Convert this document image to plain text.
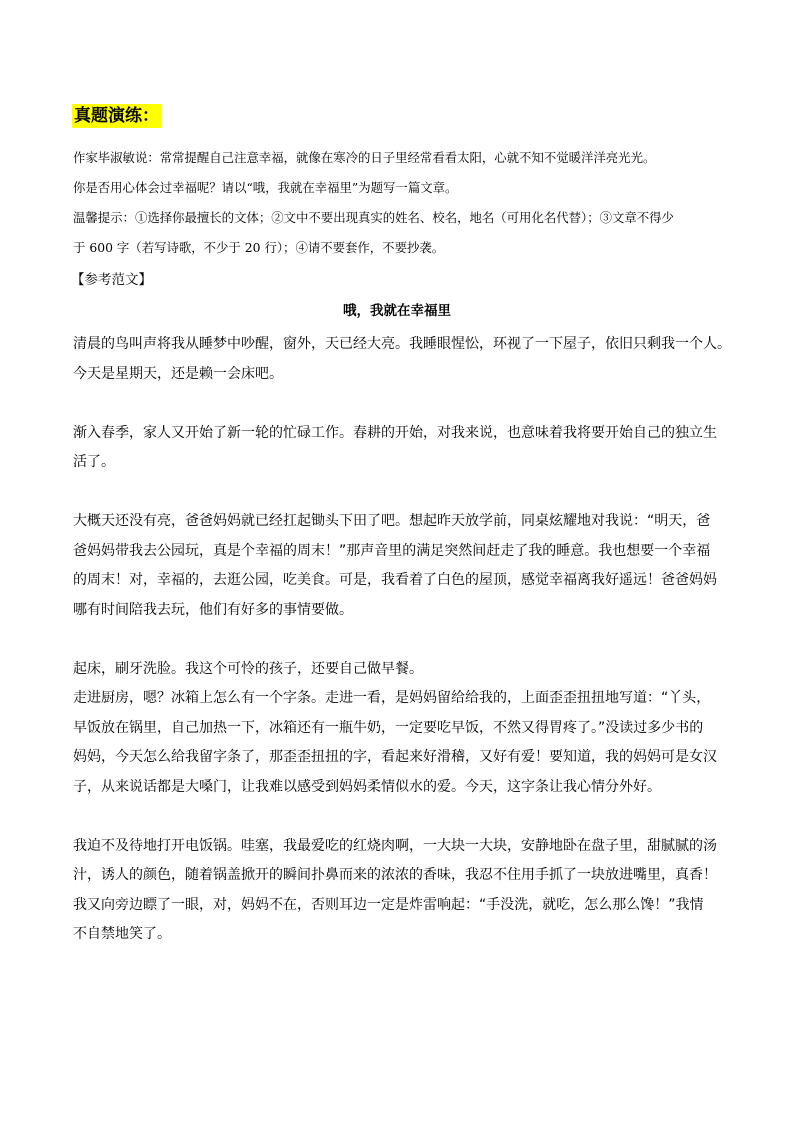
真题演练：

作家毕淑敏说：常常提醒自己注意幸福，就像在寒冷的日子里经常看看太阳，心就不知不觉暖洋洋亮光光。

你是否用心体会过幸福呢？请以“哦，我就在幸福里”为题写一篇文章。

温馨提示：①选择你最擅长的文体；②文中不要出现真实的姓名、校名，地名（可用化名代替）；③文章不得少

于 600 字（若写诗歌，不少于 20 行）；④请不要套作，不要抄袭。

【参考范文】
哦，我就在幸福里

清晨的鸟叫声将我从睡梦中吵醒，窗外，天已经大亮。我睡眼惺忪，环视了一下屋子，依旧只剩我一个人。

今天是星期天，还是赖一会床吧。

渐入春季，家人又开始了新一轮的忙碌工作。春耕的开始，对我来说，也意味着我将要开始自己的独立生

活了。

大概天还没有亮，爸爸妈妈就已经扛起锄头下田了吧。想起昨天放学前，同桌炫耀地对我说：“明天，爸

爸妈妈带我去公园玩，真是个幸福的周末！”那声音里的满足突然间赶走了我的睡意。我也想要一个幸福

的周末！对，幸福的，去逛公园，吃美食。可是，我看着了白色的屋顶，感觉幸福离我好遥远！爸爸妈妈

哪有时间陪我去玩，他们有好多的事情要做。

起床，刷牙洗脸。我这个可怜的孩子，还要自己做早餐。

走进厨房，嗯？冰箱上怎么有一个字条。走进一看，是妈妈留给给我的，上面歪歪扭扭地写道：“丫头，

早饭放在锅里，自己加热一下，冰箱还有一瓶牛奶，一定要吃早饭，不然又得胃疼了。”没读过多少书的

妈妈，今天怎么给我留字条了，那歪歪扭扭的字，看起来好滑稽，又好有爱！要知道，我的妈妈可是女汉

子，从来说话都是大嗓门，让我难以感受到妈妈柔情似水的爱。今天，这字条让我心情分外好。

我迫不及待地打开电饭锅。哇塞，我最爱吃的红烧肉啊，一大块一大块，安静地卧在盘子里，甜腻腻的汤

汁，诱人的颜色，随着锅盖掀开的瞬间扑鼻而来的浓浓的香味，我忍不住用手抓了一块放进嘴里，真香！

我又向旁边瞟了一眼，对，妈妈不在，否则耳边一定是炸雷响起：“手没洗，就吃，怎么那么馋！”我情

不自禁地笑了。
